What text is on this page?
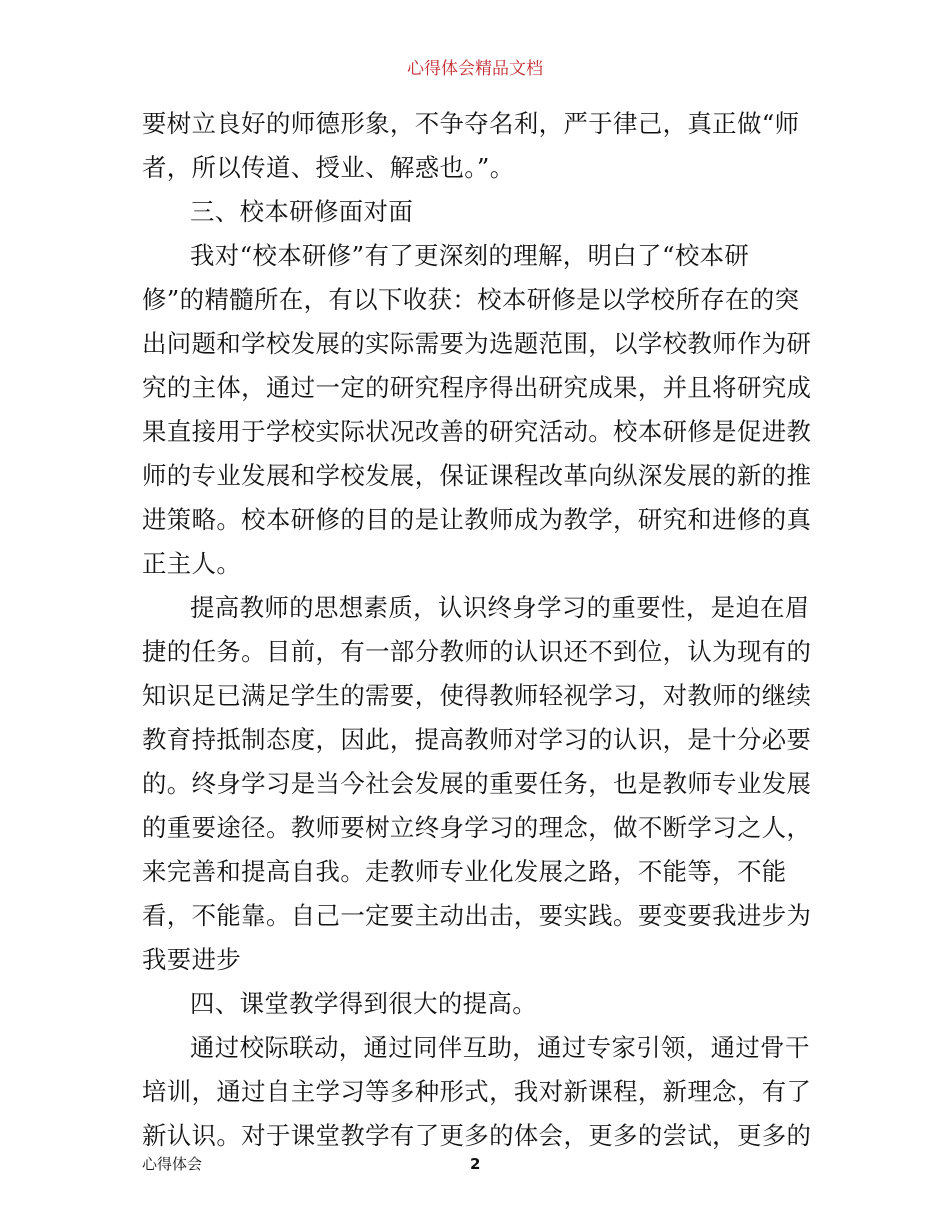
心得体会精品文档
要树立良好的师德形象，不争夺名利，严于律己，真正做“师
者，所以传道、授业、解惑也。”。
三、校本研修面对面
我对“校本研修”有了更深刻的理解，明白了“校本研
修”的精髓所在，有以下收获：校本研修是以学校所存在的突
出问题和学校发展的实际需要为选题范围，以学校教师作为研
究的主体，通过一定的研究程序得出研究成果，并且将研究成
果直接用于学校实际状况改善的研究活动。校本研修是促进教
师的专业发展和学校发展，保证课程改革向纵深发展的新的推
进策略。校本研修的目的是让教师成为教学，研究和进修的真
正主人。
提高教师的思想素质，认识终身学习的重要性，是迫在眉
捷的任务。目前，有一部分教师的认识还不到位，认为现有的
知识足已满足学生的需要，使得教师轻视学习，对教师的继续
教育持抵制态度，因此，提高教师对学习的认识，是十分必要
的。终身学习是当今社会发展的重要任务，也是教师专业发展
的重要途径。教师要树立终身学习的理念，做不断学习之人，
来完善和提高自我。走教师专业化发展之路，不能等，不能
看，不能靠。自己一定要主动出击，要实践。要变要我进步为
我要进步
四、课堂教学得到很大的提高。
通过校际联动，通过同伴互助，通过专家引领，通过骨干
培训，通过自主学习等多种形式，我对新课程，新理念，有了
新认识。对于课堂教学有了更多的体会，更多的尝试，更多的
心得体会	2
